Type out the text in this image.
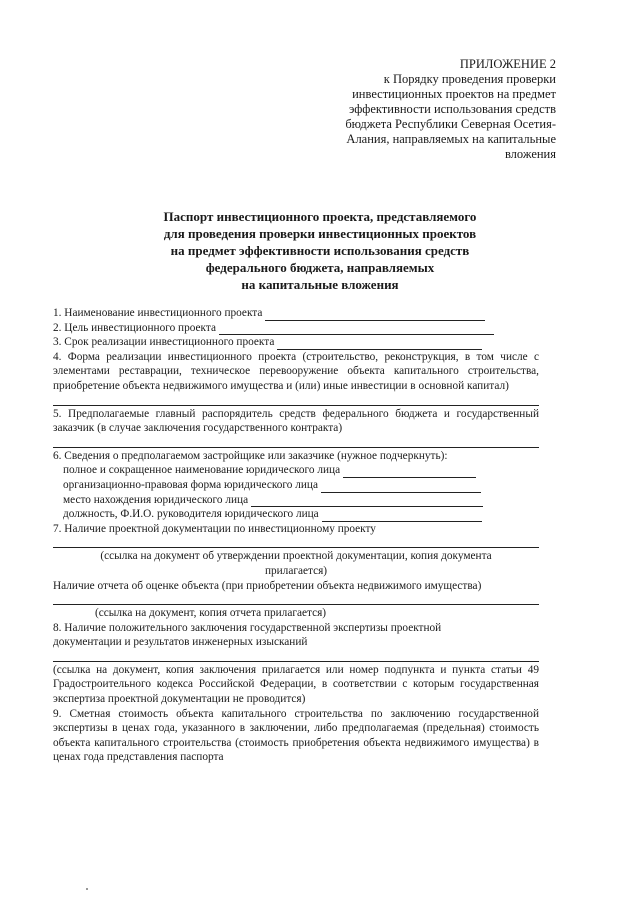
ПРИЛОЖЕНИЕ 2
к Порядку проведения проверки
инвестиционных проектов на предмет
эффективности использования средств
бюджета Республики Северная Осетия-
Алания, направляемых на капитальные
вложения
Паспорт инвестиционного проекта, представляемого
для проведения проверки инвестиционных проектов
на предмет эффективности использования средств
федерального бюджета, направляемых
на капитальные вложения
1. Наименование инвестиционного проекта
2. Цель инвестиционного проекта
3. Срок реализации инвестиционного проекта
4. Форма реализации инвестиционного проекта (строительство, реконструкция, в том числе с элементами реставрации, техническое перевооружение объекта капитального строительства, приобретение объекта недвижимого имущества и (или) иные инвестиции в основной капитал)
5. Предполагаемые главный распорядитель средств федерального бюджета и государственный заказчик (в случае заключения государственного контракта)
6. Сведения о предполагаемом застройщике или заказчике (нужное подчеркнуть):
полное и сокращенное наименование юридического лица
организационно-правовая форма юридического лица
место нахождения юридического лица
должность, Ф.И.О. руководителя юридического лица
7. Наличие проектной документации по инвестиционному проекту
(ссылка на документ об утверждении проектной документации, копия документа прилагается)
Наличие отчета об оценке объекта (при приобретении объекта недвижимого имущества)
(ссылка на документ, копия отчета прилагается)
8. Наличие положительного заключения государственной экспертизы проектной документации и результатов инженерных изысканий
(ссылка на документ, копия заключения прилагается или номер подпункта и пункта статьи 49 Градостроительного кодекса Российской Федерации, в соответствии с которым государственная экспертиза проектной документации не проводится)
9. Сметная стоимость объекта капитального строительства по заключению государственной экспертизы в ценах года, указанного в заключении, либо предполагаемая (предельная) стоимость объекта капитального строительства (стоимость приобретения объекта недвижимого имущества) в ценах года представления паспорта
